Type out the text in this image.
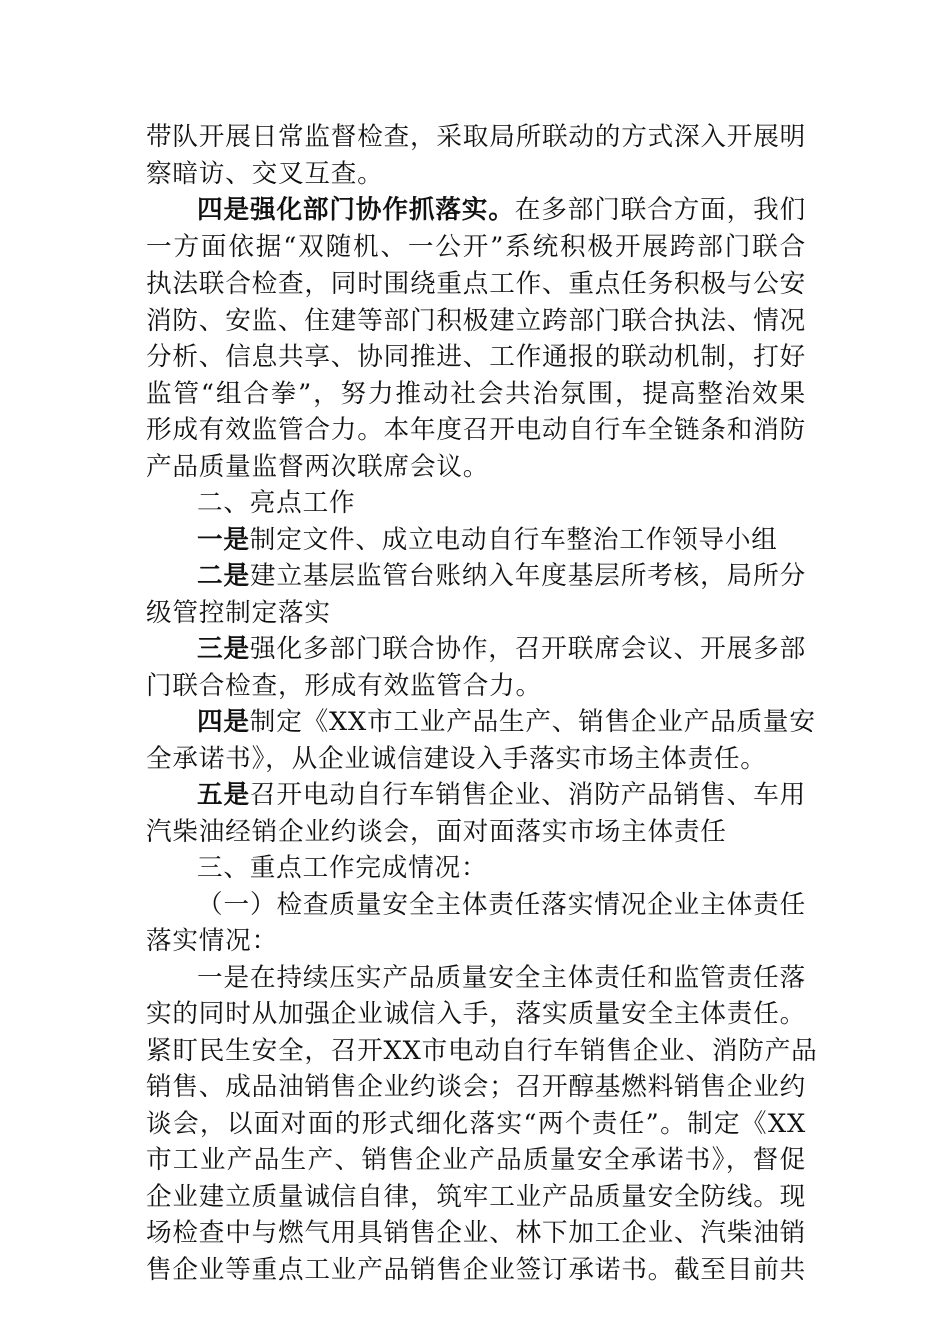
带队开展日常监督检查，采取局所联动的方式深入开展明
察暗访、交叉互查。
四是强化部门协作抓落实。在多部门联合方面，我们
一方面依据“双随机、一公开”系统积极开展跨部门联合
执法联合检查，同时围绕重点工作、重点任务积极与公安
消防、安监、住建等部门积极建立跨部门联合执法、情况
分析、信息共享、协同推进、工作通报的联动机制，打好
监管“组合拳”，努力推动社会共治氛围，提高整治效果
形成有效监管合力。本年度召开电动自行车全链条和消防
产品质量监督两次联席会议。
二、亮点工作
一是制定文件、成立电动自行车整治工作领导小组
二是建立基层监管台账纳入年度基层所考核，局所分
级管控制定落实
三是强化多部门联合协作，召开联席会议、开展多部
门联合检查，形成有效监管合力。
四是制定《XX市工业产品生产、销售企业产品质量安
全承诺书》，从企业诚信建设入手落实市场主体责任。
五是召开电动自行车销售企业、消防产品销售、车用
汽柴油经销企业约谈会，面对面落实市场主体责任
三、重点工作完成情况：
（一）检查质量安全主体责任落实情况企业主体责任
落实情况：
一是在持续压实产品质量安全主体责任和监管责任落
实的同时从加强企业诚信入手，落实质量安全主体责任。
紧盯民生安全，召开XX市电动自行车销售企业、消防产品
销售、成品油销售企业约谈会；召开醇基燃料销售企业约
谈会，以面对面的形式细化落实“两个责任”。制定《XX
市工业产品生产、销售企业产品质量安全承诺书》，督促
企业建立质量诚信自律，筑牢工业产品质量安全防线。现
场检查中与燃气用具销售企业、林下加工企业、汽柴油销
售企业等重点工业产品销售企业签订承诺书。截至目前共
